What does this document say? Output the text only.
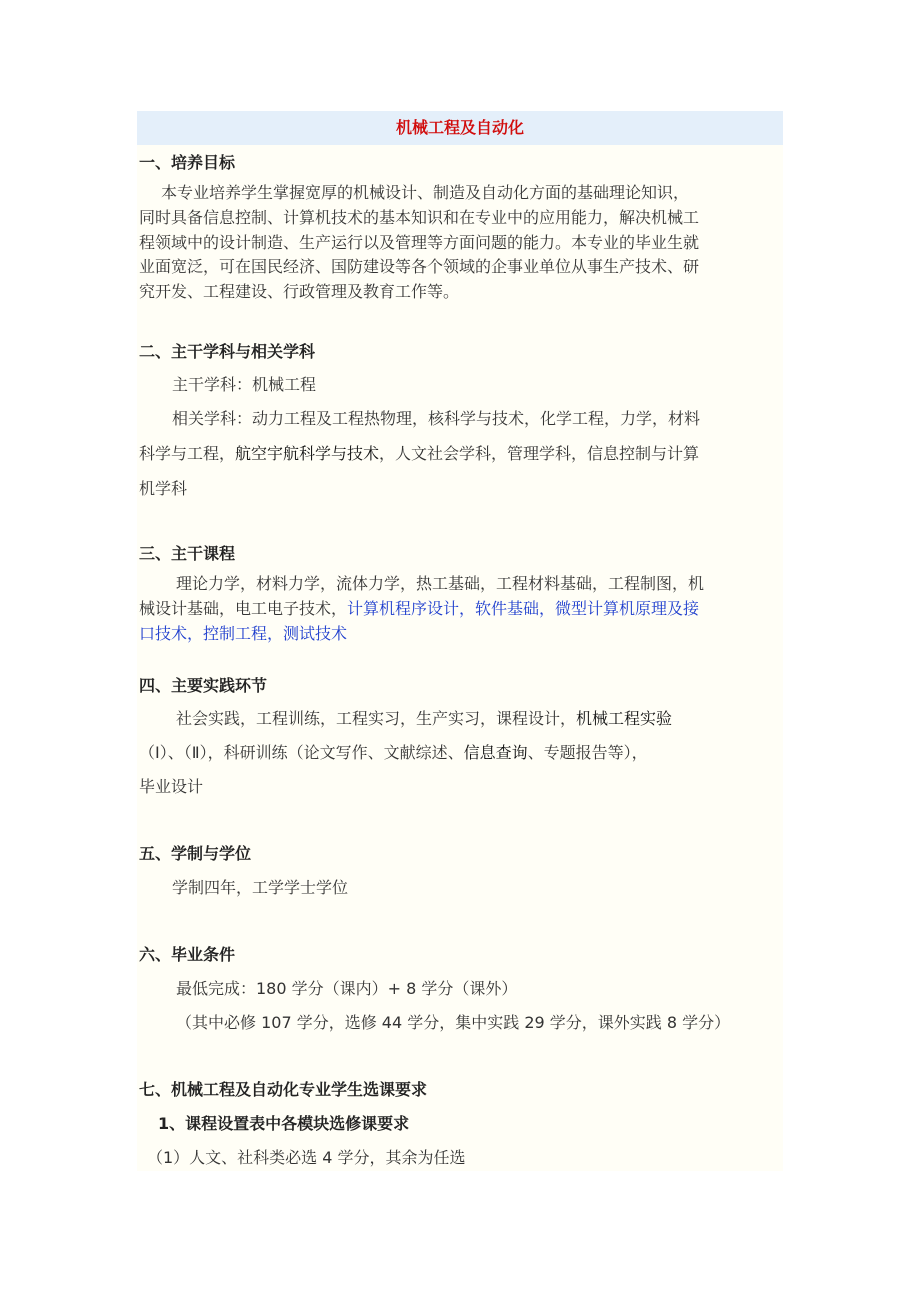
机械工程及自动化
一、培养目标
本专业培养学生掌握宽厚的机械设计、制造及自动化方面的基础理论知识，
同时具备信息控制、计算机技术的基本知识和在专业中的应用能力，解决机械工
程领域中的设计制造、生产运行以及管理等方面问题的能力。本专业的毕业生就
业面宽泛，可在国民经济、国防建设等各个领域的企事业单位从事生产技术、研
究开发、工程建设、行政管理及教育工作等。
二、主干学科与相关学科
主干学科：机械工程
相关学科：动力工程及工程热物理，核科学与技术，化学工程，力学，材料
科学与工程，航空宇航科学与技术，人文社会学科，管理学科，信息控制与计算
机学科
三、主干课程
理论力学，材料力学，流体力学，热工基础，工程材料基础，工程制图，机
械设计基础，电工电子技术，计算机程序设计，软件基础，微型计算机原理及接
口技术，控制工程，测试技术
四、主要实践环节
社会实践，工程训练，工程实习，生产实习，课程设计，机械工程实验
（Ⅰ）、（Ⅱ），科研训练（论文写作、文献综述、信息查询、专题报告等），
毕业设计
五、学制与学位
学制四年，工学学士学位
六、毕业条件
最低完成：180 学分（课内）+ 8 学分（课外）
（其中必修 107 学分，选修 44 学分，集中实践 29 学分，课外实践 8 学分）
七、机械工程及自动化专业学生选课要求
1、课程设置表中各模块选修课要求
（1）人文、社科类必选 4 学分，其余为任选
